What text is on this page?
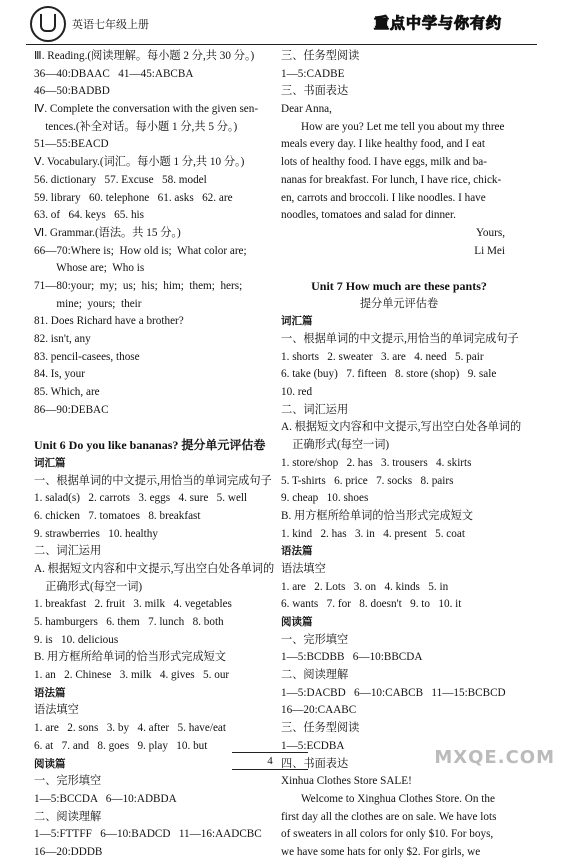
英语七年级上册	重点中学与你有约
Ⅲ. Reading.(阅读理解。每小题 2 分,共 30 分。)
36—40:DBAAC   41—45:ABCBA
46—50:BADBD
Ⅳ. Complete the conversation with the given sen-
tences.(补全对话。每小题 1 分,共 5 分。)
51—55:BEACD
Ⅴ. Vocabulary.(词汇。每小题 1 分,共 10 分。)
56. dictionary   57. Excuse   58. model
59. library   60. telephone   61. asks   62. are
63. of   64. keys   65. his
Ⅵ. Grammar.(语法。共 15 分。)
66—70:Where is;  How old is;  What color are;
Whose are;  Who is
71—80:your;  my;  us;  his;  him;  them;  hers;
mine;  yours;  their
81. Does Richard have a brother?
82. isn't, any
83. pencil-casees, those
84. Is, your
85. Which, are
86—90:DEBAC
Unit 6 Do you like bananas? 提分单元评估卷
词汇篇
一、根据单词的中文提示,用恰当的单词完成句子
1. salad(s)   2. carrots   3. eggs   4. sure   5. well
6. chicken   7. tomatoes   8. breakfast
9. strawberries   10. healthy
二、词汇运用
A. 根据短文内容和中文提示,写出空白处各单词的
正确形式(每空一词)
1. breakfast   2. fruit   3. milk   4. vegetables
5. hamburgers   6. them   7. lunch   8. both
9. is   10. delicious
B. 用方框所给单词的恰当形式完成短文
1. an   2. Chinese   3. milk   4. gives   5. our
语法篇
语法填空
1. are   2. sons   3. by   4. after   5. have/eat
6. at   7. and   8. goes   9. play   10. but
阅读篇
一、完形填空
1—5:BCCDA   6—10:ADBDA
二、阅读理解
1—5:FTTFF   6—10:BADCD   11—16:AADCBC
16—20:DDDB
三、任务型阅读
1—5:CADBE
三、书面表达
Dear Anna,
How are you? Let me tell you about my three
meals every day. I like healthy food, and I eat
lots of healthy food. I have eggs, milk and ba-
nanas for breakfast. For lunch, I have rice, chick-
en, carrots and broccoli. I like noodles. I have
noodles, tomatoes and salad for dinner.
Yours,
Li Mei
Unit 7 How much are these pants?
提分单元评估卷
词汇篇
一、根据单词的中文提示,用恰当的单词完成句子
1. shorts   2. sweater   3. are   4. need   5. pair
6. take (buy)   7. fifteen   8. store (shop)   9. sale
10. red
二、词汇运用
A. 根据短文内容和中文提示,写出空白处各单词的
正确形式(每空一词)
1. store/shop   2. has   3. trousers   4. skirts
5. T-shirts   6. price   7. socks   8. pairs
9. cheap   10. shoes
B. 用方框所给单词的恰当形式完成短文
1. kind   2. has   3. in   4. present   5. coat
语法篇
语法填空
1. are   2. Lots   3. on   4. kinds   5. in
6. wants   7. for   8. doesn't   9. to   10. it
阅读篇
一、完形填空
1—5:BCDBB   6—10:BBCDA
二、阅读理解
1—5:DACBD   6—10:CABCB   11—15:BCBCD
16—20:CAABC
三、任务型阅读
1—5:ECDBA
四、书面表达
Xinhua Clothes Store SALE!
Welcome to Xinghua Clothes Store. On the
first day all the clothes are on sale. We have lots
of sweaters in all colors for only $10. For boys,
we have some hats for only $2. For girls, we
4	MXQE.COM
